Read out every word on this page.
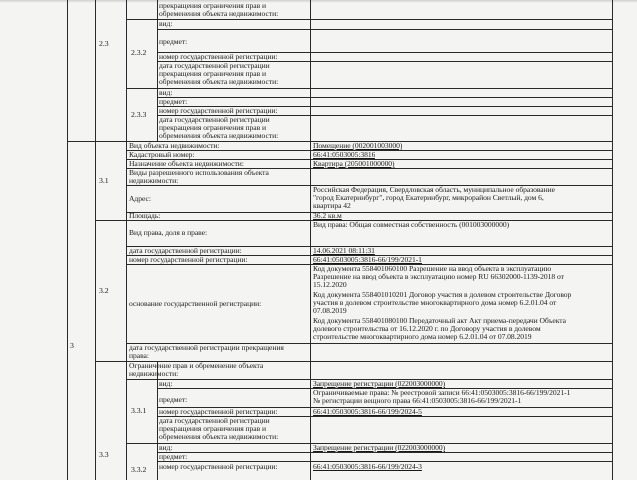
2.3
прекращения ограничения прав и
обременения объекта недвижимости:
2.3.2
вид:
предмет:
номер государственной регистрации:
дата государственной регистрации
прекращения ограничения прав и
обременения объекта недвижимости:
2.3.3
вид:
предмет:
номер государственной регистрации:
дата государственной регистрации
прекращения ограничения прав и
обременения объекта недвижимости:
3
3.1
Вид объекта недвижимости:	Помещение (002001003000)
Кадастровый номер:	66:41:0503005:3816
Назначение объекта недвижимости:	Квартира (205001000000)
Виды разрешенного использования объекта
недвижимости:
Адрес:
Российская Федерация, Свердловская область, муниципальное образование
"город Екатеринбург", город Екатеринбург, микрорайон Светлый, дом 6,
квартира 42
Площадь:	36.2 кв.м
3.2
Вид права, доля в праве:
Вид права: Общая совместная собственность (001003000000)
дата государственной регистрации:	14.06.2021 08:11:31
номер государственной регистрации:	66:41:0503005:3816-66/199/2021-1
основание государственной регистрации:
Код документа 558401060100 Разрешение на ввод объекта в эксплуатацию
Разрешение на ввод объекта в эксплуатацию номер RU 66302000-1139-2018 от
15.12.2020
Код документа 558401010201 Договор участия в долевом строительстве Договор
участия в долевом строительстве многоквартирного дома номер 6.2.01.04 от
07.08.2019
Код документа 558401080100 Передаточный акт Акт приема-передачи Объекта
долевого строительства от 16.12.2020 г. по Договору участия в долевом
строительстве многоквартирного дома номер 6.2.01.04 от 07.08.2019
дата государственной регистрации прекращения
права:
3.3
Ограничение прав и обременение объекта
недвижимости:
3.3.1
вид:	Запрещение регистрации (022003000000)
предмет:
Ограничиваемые права: № реестровой записи 66:41:0503005:3816-66/199/2021-1
№ регистрации вещного права 66:41:0503005:3816-66/199/2021-1
номер государственной регистрации:	66:41:0503005:3816-66/199/2024-5
дата государственной регистрации
прекращения ограничения прав и
обременения объекта недвижимости:
3.3.2
вид:	Запрещение регистрации (022003000000)
предмет:
номер государственной регистрации:	66:41:0503005:3816-66/199/2024-3
